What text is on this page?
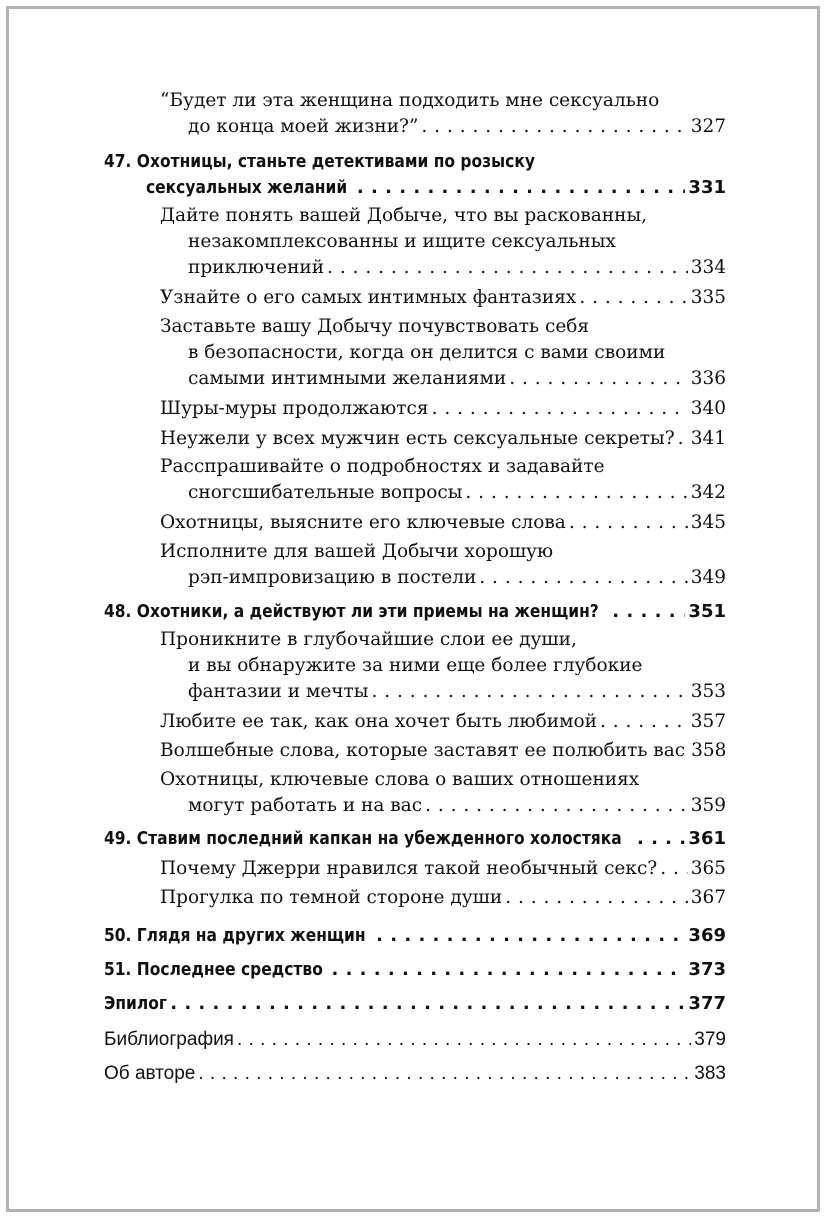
“Будет ли эта женщина подходить мне сексуально
до конца моей жизни?” . . .	327
47. Охотницы, станьте детективами по розыску
сексуальных желаний . . .	331
Дайте понять вашей Добыче, что вы раскованны,
незакомплексованны и ищите сексуальных
приключений . . .	334
Узнайте о его самых интимных фантазиях . . .	335
Заставьте вашу Добычу почувствовать себя
в безопасности, когда он делится с вами своими
самыми интимными желаниями . . .	336
Шуры-муры продолжаются . . .	340
Неужели у всех мужчин есть сексуальные секреты? . . . 341
Расспрашивайте о подробностях и задавайте
сногсшибательные вопросы . . .	342
Охотницы, выясните его ключевые слова . . .	345
Исполните для вашей Добычи хорошую
рэп-импровизацию в постели . . .	349
48. Охотники, а действуют ли эти приемы на женщин? . . .	351
Проникните в глубочайшие слои ее души,
и вы обнаружите за ними еще более глубокие
фантазии и мечты . . .	353
Любите ее так, как она хочет быть любимой . . .	357
Волшебные слова, которые заставят ее полюбить вас 358
Охотницы, ключевые слова о ваших отношениях
могут работать и на вас . . .	359
49. Ставим последний капкан на убежденного холостяка . . .	361
Почему Джерри нравился такой необычный секс? . . . 365
Прогулка по темной стороне души . . .	367
50. Глядя на других женщин . . .	369
51. Последнее средство . . .	373
Эпилог . . .	377
Библиография . . .	379
Об авторе . . .	383
